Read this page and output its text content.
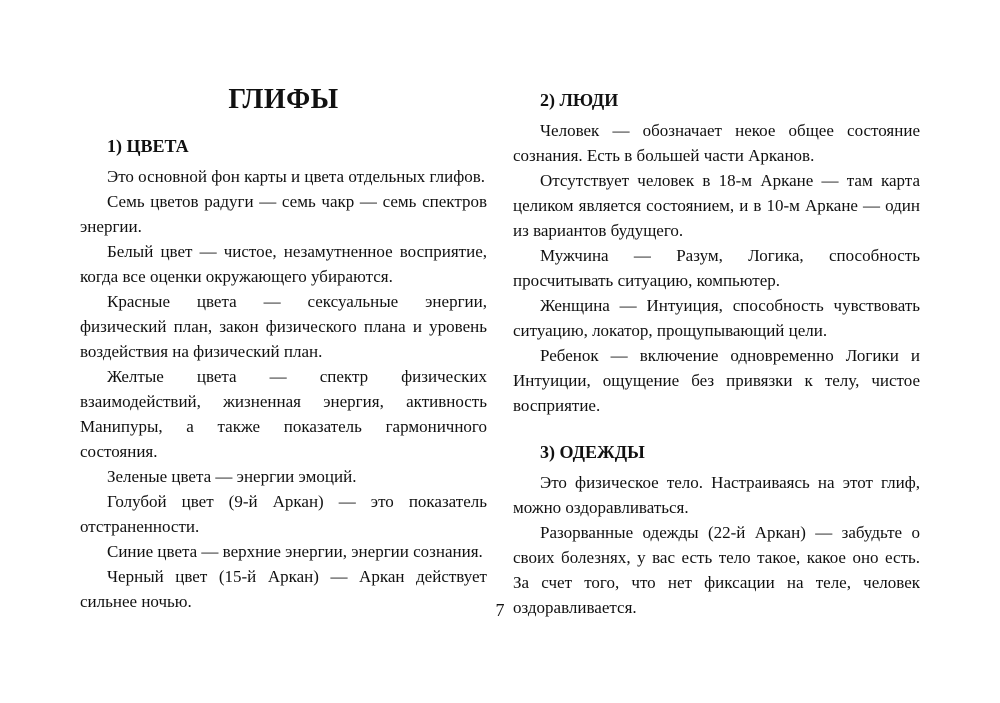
ГЛИФЫ
1) ЦВЕТА

Это основной фон карты и цвета отдельных глифов.

Семь цветов радуги — семь чакр — семь спектров энергии.

Белый цвет — чистое, незамутненное восприятие, когда все оценки окружающего убираются.

Красные цвета — сексуальные энергии, физический план, закон физического плана и уровень воздействия на физический план.

Желтые цвета — спектр физических взаимодействий, жизненная энергия, активность Манипуры, а также показатель гармоничного состояния.

Зеленые цвета — энергии эмоций.

Голубой цвет (9-й Аркан) — это показатель отстраненности.

Синие цвета — верхние энергии, энергии сознания.

Черный цвет (15-й Аркан) — Аркан действует сильнее ночью.

2) ЛЮДИ

Человек — обозначает некое общее состояние сознания. Есть в большей части Арканов.

Отсутствует человек в 18-м Аркане — там карта целиком является состоянием, и в 10-м Аркане — один из вариантов будущего.

Мужчина — Разум, Логика, способность просчитывать ситуацию, компьютер.

Женщина — Интуиция, способность чувствовать ситуацию, локатор, прощупывающий цели.

Ребенок — включение одновременно Логики и Интуиции, ощущение без привязки к телу, чистое восприятие.

3) ОДЕЖДЫ

Это физическое тело. Настраиваясь на этот глиф, можно оздоравливаться.

Разорванные одежды (22-й Аркан) — забудьте о своих болезнях, у вас есть тело такое, какое оно есть. За счет того, что нет фиксации на теле, человек оздоравливается.

7
